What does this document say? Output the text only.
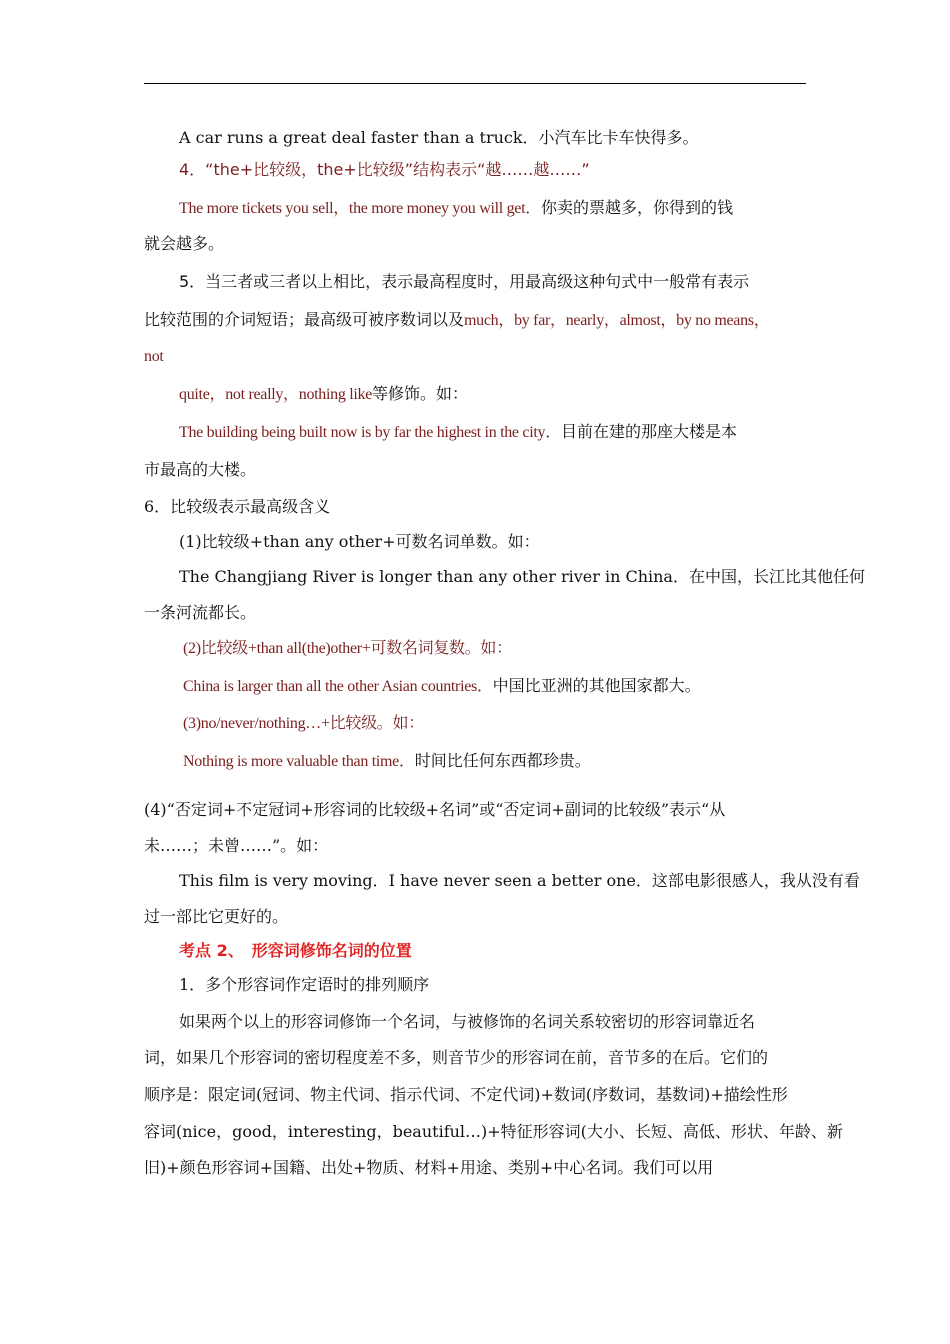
A car runs a great deal faster than a truck．小汽车比卡车快得多。
4．“the+比较级，the+比较级”结构表示“越……越……”
The more tickets you sell，the more money you will get．你卖的票越多，你得到的钱
就会越多。
5．当三者或三者以上相比，表示最高程度时，用最高级这种句式中一般常有表示
比较范围的介词短语；最高级可被序数词以及much，by far，nearly，almost，by no means，
not
quite，not really，nothing like等修饰。如：
The building being built now is by far the highest in the city．目前在建的那座大楼是本
市最高的大楼。
6．比较级表示最高级含义
(1)比较级+than any other+可数名词单数。如：
The Changjiang River is longer than any other river in China．在中国，长江比其他任何
一条河流都长。
(2)比较级+than all(the)other+可数名词复数。如：
China is larger than all the other Asian countries．中国比亚洲的其他国家都大。
(3)no/never/nothing…+比较级。如：
Nothing is more valuable than time．时间比任何东西都珍贵。
(4)“否定词+不定冠词+形容词的比较级+名词”或“否定词+副词的比较级”表示“从
未……；未曾……”。如：
This film is very moving．I have never seen a better one．这部电影很感人，我从没有看
过一部比它更好的。
考点 2、　形容词修饰名词的位置
1．多个形容词作定语时的排列顺序
如果两个以上的形容词修饰一个名词，与被修饰的名词关系较密切的形容词靠近名
词，如果几个形容词的密切程度差不多，则音节少的形容词在前，音节多的在后。它们的
顺序是：限定词(冠词、物主代词、指示代词、不定代词)+数词(序数词，基数词)+描绘性形
容词(nice，good，interesting，beautiful…)+特征形容词(大小、长短、高低、形状、年龄、新
旧)+颜色形容词+国籍、出处+物质、材料+用途、类别+中心名词。我们可以用
